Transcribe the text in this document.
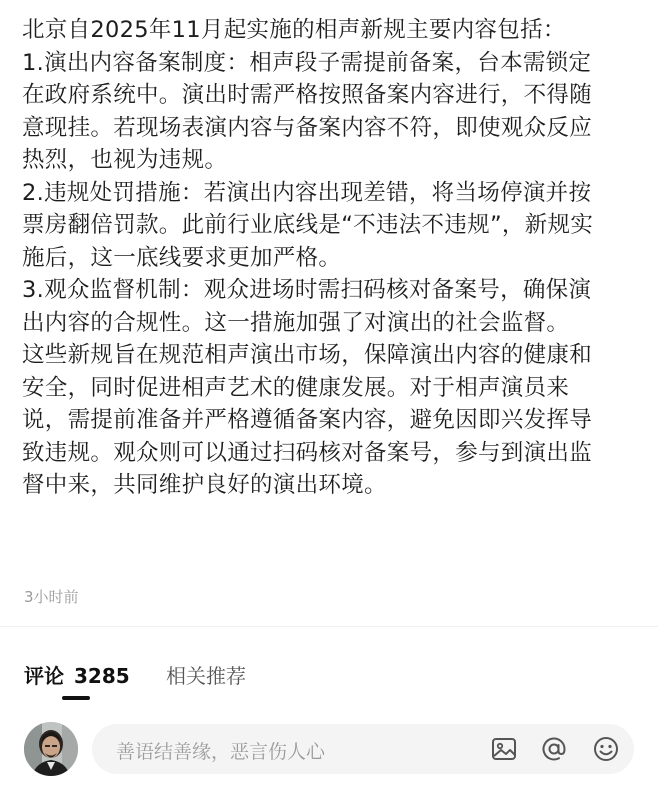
北京自2025年11月起实施的相声新规主要内容包括：
1.演出内容备案制度：相声段子需提前备案，台本需锁定
在政府系统中。演出时需严格按照备案内容进行，不得随
意现挂。若现场表演内容与备案内容不符，即使观众反应
热烈，也视为违规。
2.违规处罚措施：若演出内容出现差错，将当场停演并按
票房翻倍罚款。此前行业底线是“不违法不违规”，新规实
施后，这一底线要求更加严格。
3.观众监督机制：观众进场时需扫码核对备案号，确保演
出内容的合规性。这一措施加强了对演出的社会监督。
这些新规旨在规范相声演出市场，保障演出内容的健康和
安全，同时促进相声艺术的健康发展。对于相声演员来
说，需提前准备并严格遵循备案内容，避免因即兴发挥导
致违规。观众则可以通过扫码核对备案号，参与到演出监
督中来，共同维护良好的演出环境。
3小时前
评论 3285 相关推荐
善语结善缘，恶言伤人心
